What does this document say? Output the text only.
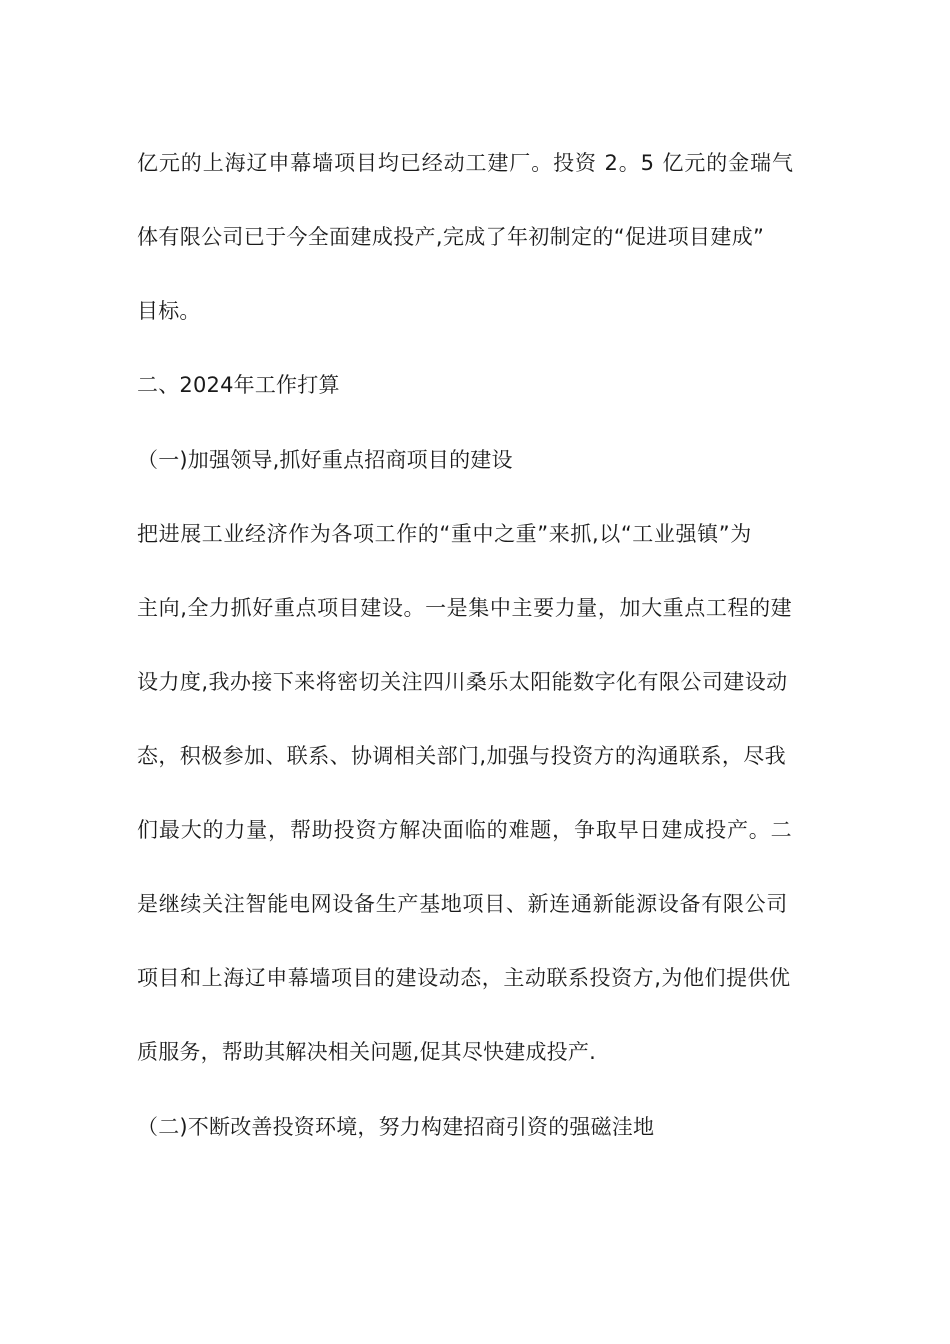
亿元的上海辽申幕墙项目均已经动工建厂。投资 2。5 亿元的金瑞气
体有限公司已于今全面建成投产,完成了年初制定的“促进项目建成”
目标。
二、2024年工作打算
（一)加强领导,抓好重点招商项目的建设
把进展工业经济作为各项工作的“重中之重”来抓,以“工业强镇”为
主向,全力抓好重点项目建设。一是集中主要力量，加大重点工程的建
设力度,我办接下来将密切关注四川桑乐太阳能数字化有限公司建设动
态，积极参加、联系、协调相关部门,加强与投资方的沟通联系，尽我
们最大的力量，帮助投资方解决面临的难题，争取早日建成投产。二
是继续关注智能电网设备生产基地项目、新连通新能源设备有限公司
项目和上海辽申幕墙项目的建设动态，主动联系投资方,为他们提供优
质服务，帮助其解决相关问题,促其尽快建成投产.
（二)不断改善投资环境，努力构建招商引资的强磁洼地
